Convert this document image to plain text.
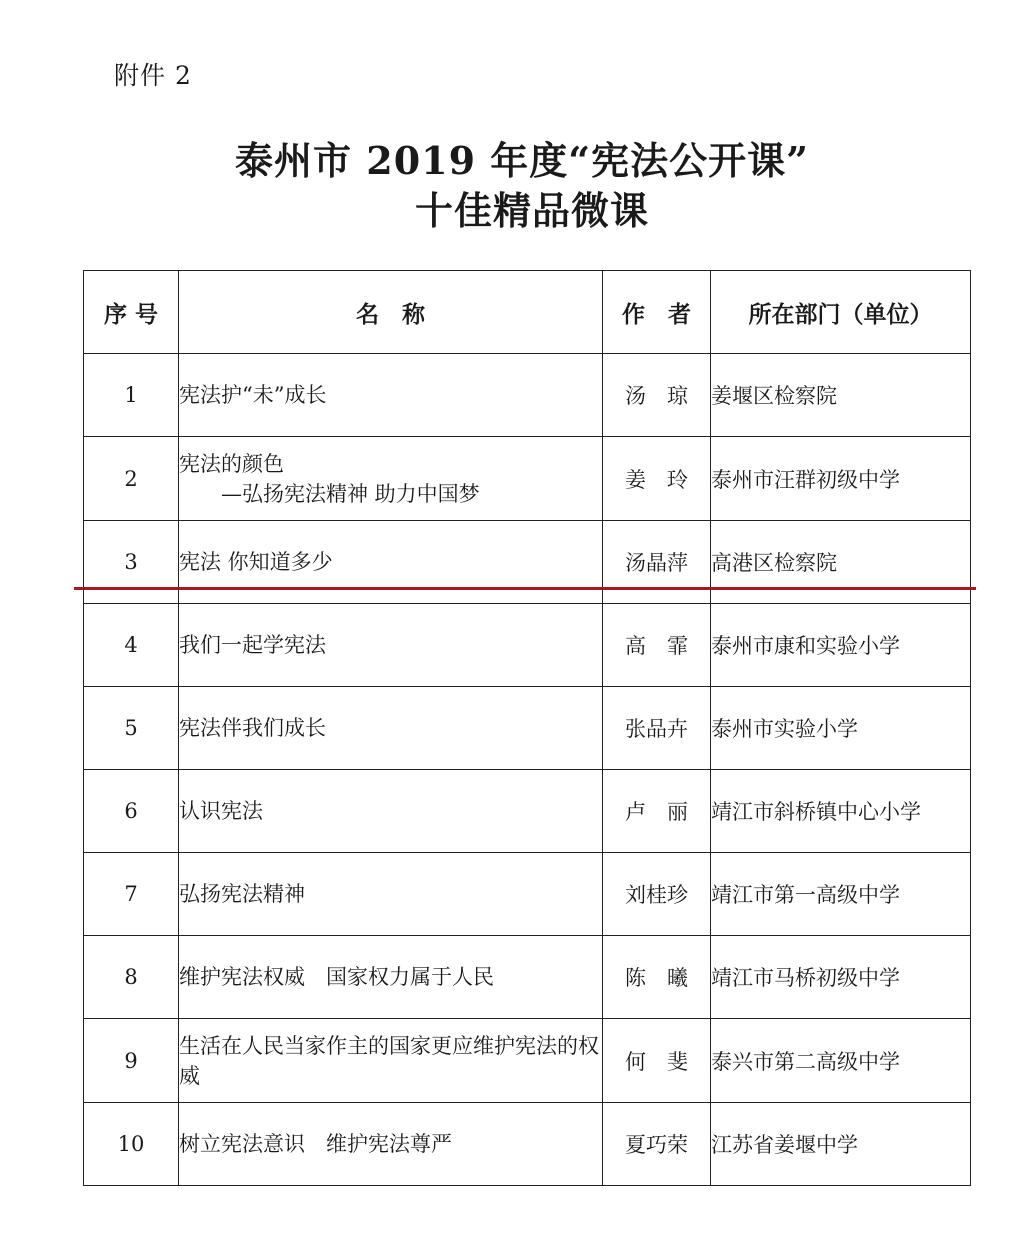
附件 2
泰州市 2019 年度“宪法公开课”
十佳精品微课
序 号	名　称	作　者	所在部门（单位）
1	宪法护“未”成长	汤　琼	姜堰区检察院
2	宪法的颜色
—弘扬宪法精神 助力中国梦	姜　玲	泰州市汪群初级中学
3	宪法 你知道多少	汤晶萍	高港区检察院
4	我们一起学宪法	高　霏	泰州市康和实验小学
5	宪法伴我们成长	张品卉	泰州市实验小学
6	认识宪法	卢　丽	靖江市斜桥镇中心小学
7	弘扬宪法精神	刘桂珍	靖江市第一高级中学
8	维护宪法权威　国家权力属于人民	陈　曦	靖江市马桥初级中学
9	生活在人民当家作主的国家更应维护宪法的权威	何　斐	泰兴市第二高级中学
10	树立宪法意识　维护宪法尊严	夏巧荣	江苏省姜堰中学
